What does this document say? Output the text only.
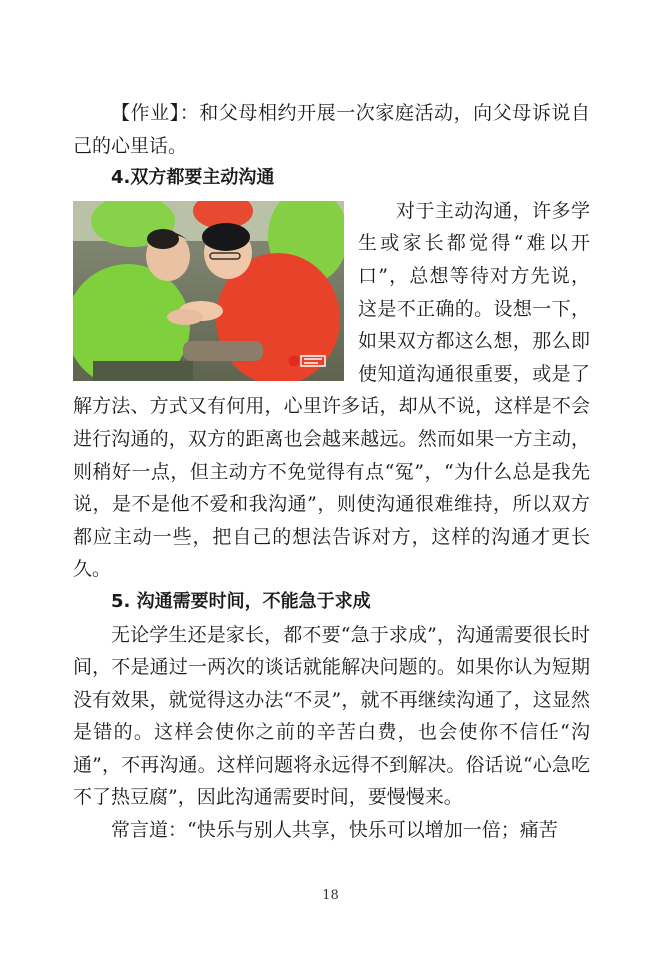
【作业】：和父母相约开展一次家庭活动，向父母诉说自己的心里话。

4.双方都要主动沟通

对于主动沟通，许多学生或家长都觉得“难以开口”，总想等待对方先说，这是不正确的。设想一下，如果双方都这么想，那么即使知道沟通很重要，或是了解方法、方式又有何用，心里许多话，却从不说，这样是不会进行沟通的，双方的距离也会越来越远。然而如果一方主动，则稍好一点，但主动方不免觉得有点“冤”，“为什么总是我先说，是不是他不爱和我沟通”，则使沟通很难维持，所以双方都应主动一些，把自己的想法告诉对方，这样的沟通才更长久。

5. 沟通需要时间，不能急于求成

无论学生还是家长，都不要“急于求成”，沟通需要很长时间，不是通过一两次的谈话就能解决问题的。如果你认为短期没有效果，就觉得这办法“不灵”，就不再继续沟通了，这显然是错的。这样会使你之前的辛苦白费，也会使你不信任“沟通”，不再沟通。这样问题将永远得不到解决。俗话说“心急吃不了热豆腐”，因此沟通需要时间，要慢慢来。

常言道：“快乐与别人共享，快乐可以增加一倍；痛苦

18
